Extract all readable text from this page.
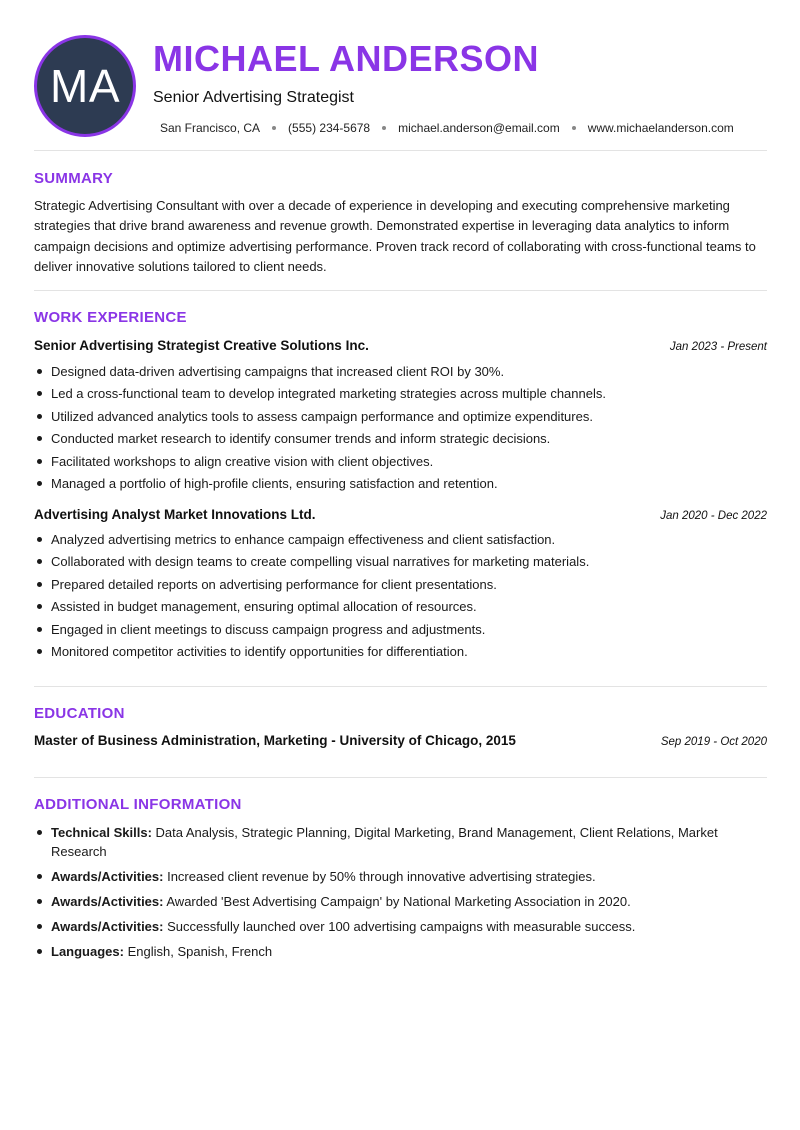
MA
MICHAEL ANDERSON
Senior Advertising Strategist
San Francisco, CA (555) 234-5678 michael.anderson@email.com www.michaelanderson.com
SUMMARY
Strategic Advertising Consultant with over a decade of experience in developing and executing comprehensive marketing strategies that drive brand awareness and revenue growth. Demonstrated expertise in leveraging data analytics to inform campaign decisions and optimize advertising performance. Proven track record of collaborating with cross-functional teams to deliver innovative solutions tailored to client needs.
WORK EXPERIENCE
Senior Advertising Strategist Creative Solutions Inc.	Jan 2023 - Present
Designed data-driven advertising campaigns that increased client ROI by 30%.
Led a cross-functional team to develop integrated marketing strategies across multiple channels.
Utilized advanced analytics tools to assess campaign performance and optimize expenditures.
Conducted market research to identify consumer trends and inform strategic decisions.
Facilitated workshops to align creative vision with client objectives.
Managed a portfolio of high-profile clients, ensuring satisfaction and retention.
Advertising Analyst Market Innovations Ltd.	Jan 2020 - Dec 2022
Analyzed advertising metrics to enhance campaign effectiveness and client satisfaction.
Collaborated with design teams to create compelling visual narratives for marketing materials.
Prepared detailed reports on advertising performance for client presentations.
Assisted in budget management, ensuring optimal allocation of resources.
Engaged in client meetings to discuss campaign progress and adjustments.
Monitored competitor activities to identify opportunities for differentiation.
EDUCATION
Master of Business Administration, Marketing - University of Chicago, 2015	Sep 2019 - Oct 2020
ADDITIONAL INFORMATION
Technical Skills: Data Analysis, Strategic Planning, Digital Marketing, Brand Management, Client Relations, Market Research
Awards/Activities: Increased client revenue by 50% through innovative advertising strategies.
Awards/Activities: Awarded 'Best Advertising Campaign' by National Marketing Association in 2020.
Awards/Activities: Successfully launched over 100 advertising campaigns with measurable success.
Languages: English, Spanish, French
